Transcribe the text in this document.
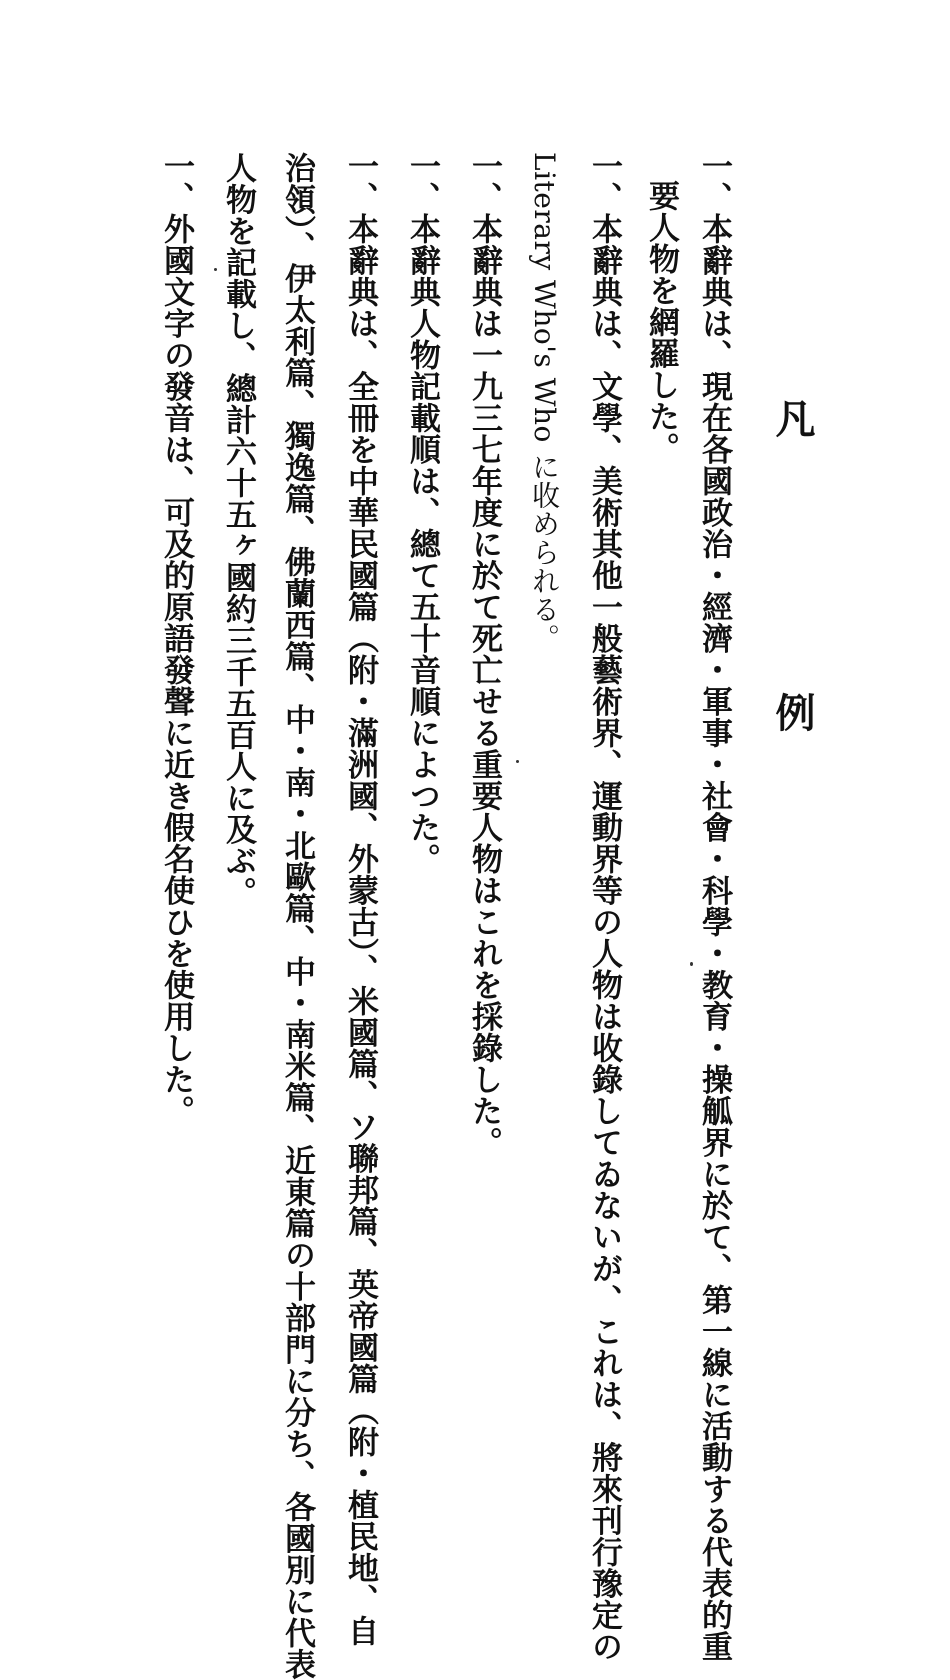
凡 例
一、本辭典は、現在各國政治・經濟・軍事・社會・科學・教育・操觚界に於て、第一線に活動する代表的重
要人物を網羅した。
一、本辭典は、文學、美術其他一般藝術界、運動界等の人物は收錄してゐないが、これは、將來刊行豫定の
Literary Who's Who に收められる。
一、本辭典は一九三七年度に於て死亡せる重要人物はこれを採錄した。
一、本辭典人物記載順は、總て五十音順によつた。
一、本辭典は、全冊を中華民國篇（附・滿洲國、外蒙古）、米國篇、ソ聯邦篇、英帝國篇（附・植民地、自
治領）、伊太利篇、獨逸篇、佛蘭西篇、中・南・北歐篇、中・南米篇、近東篇の十部門に分ち、各國別に代表
人物を記載し、總計六十五ヶ國約三千五百人に及ぶ。
一、外國文字の發音は、可及的原語發聲に近き假名使ひを使用した。
